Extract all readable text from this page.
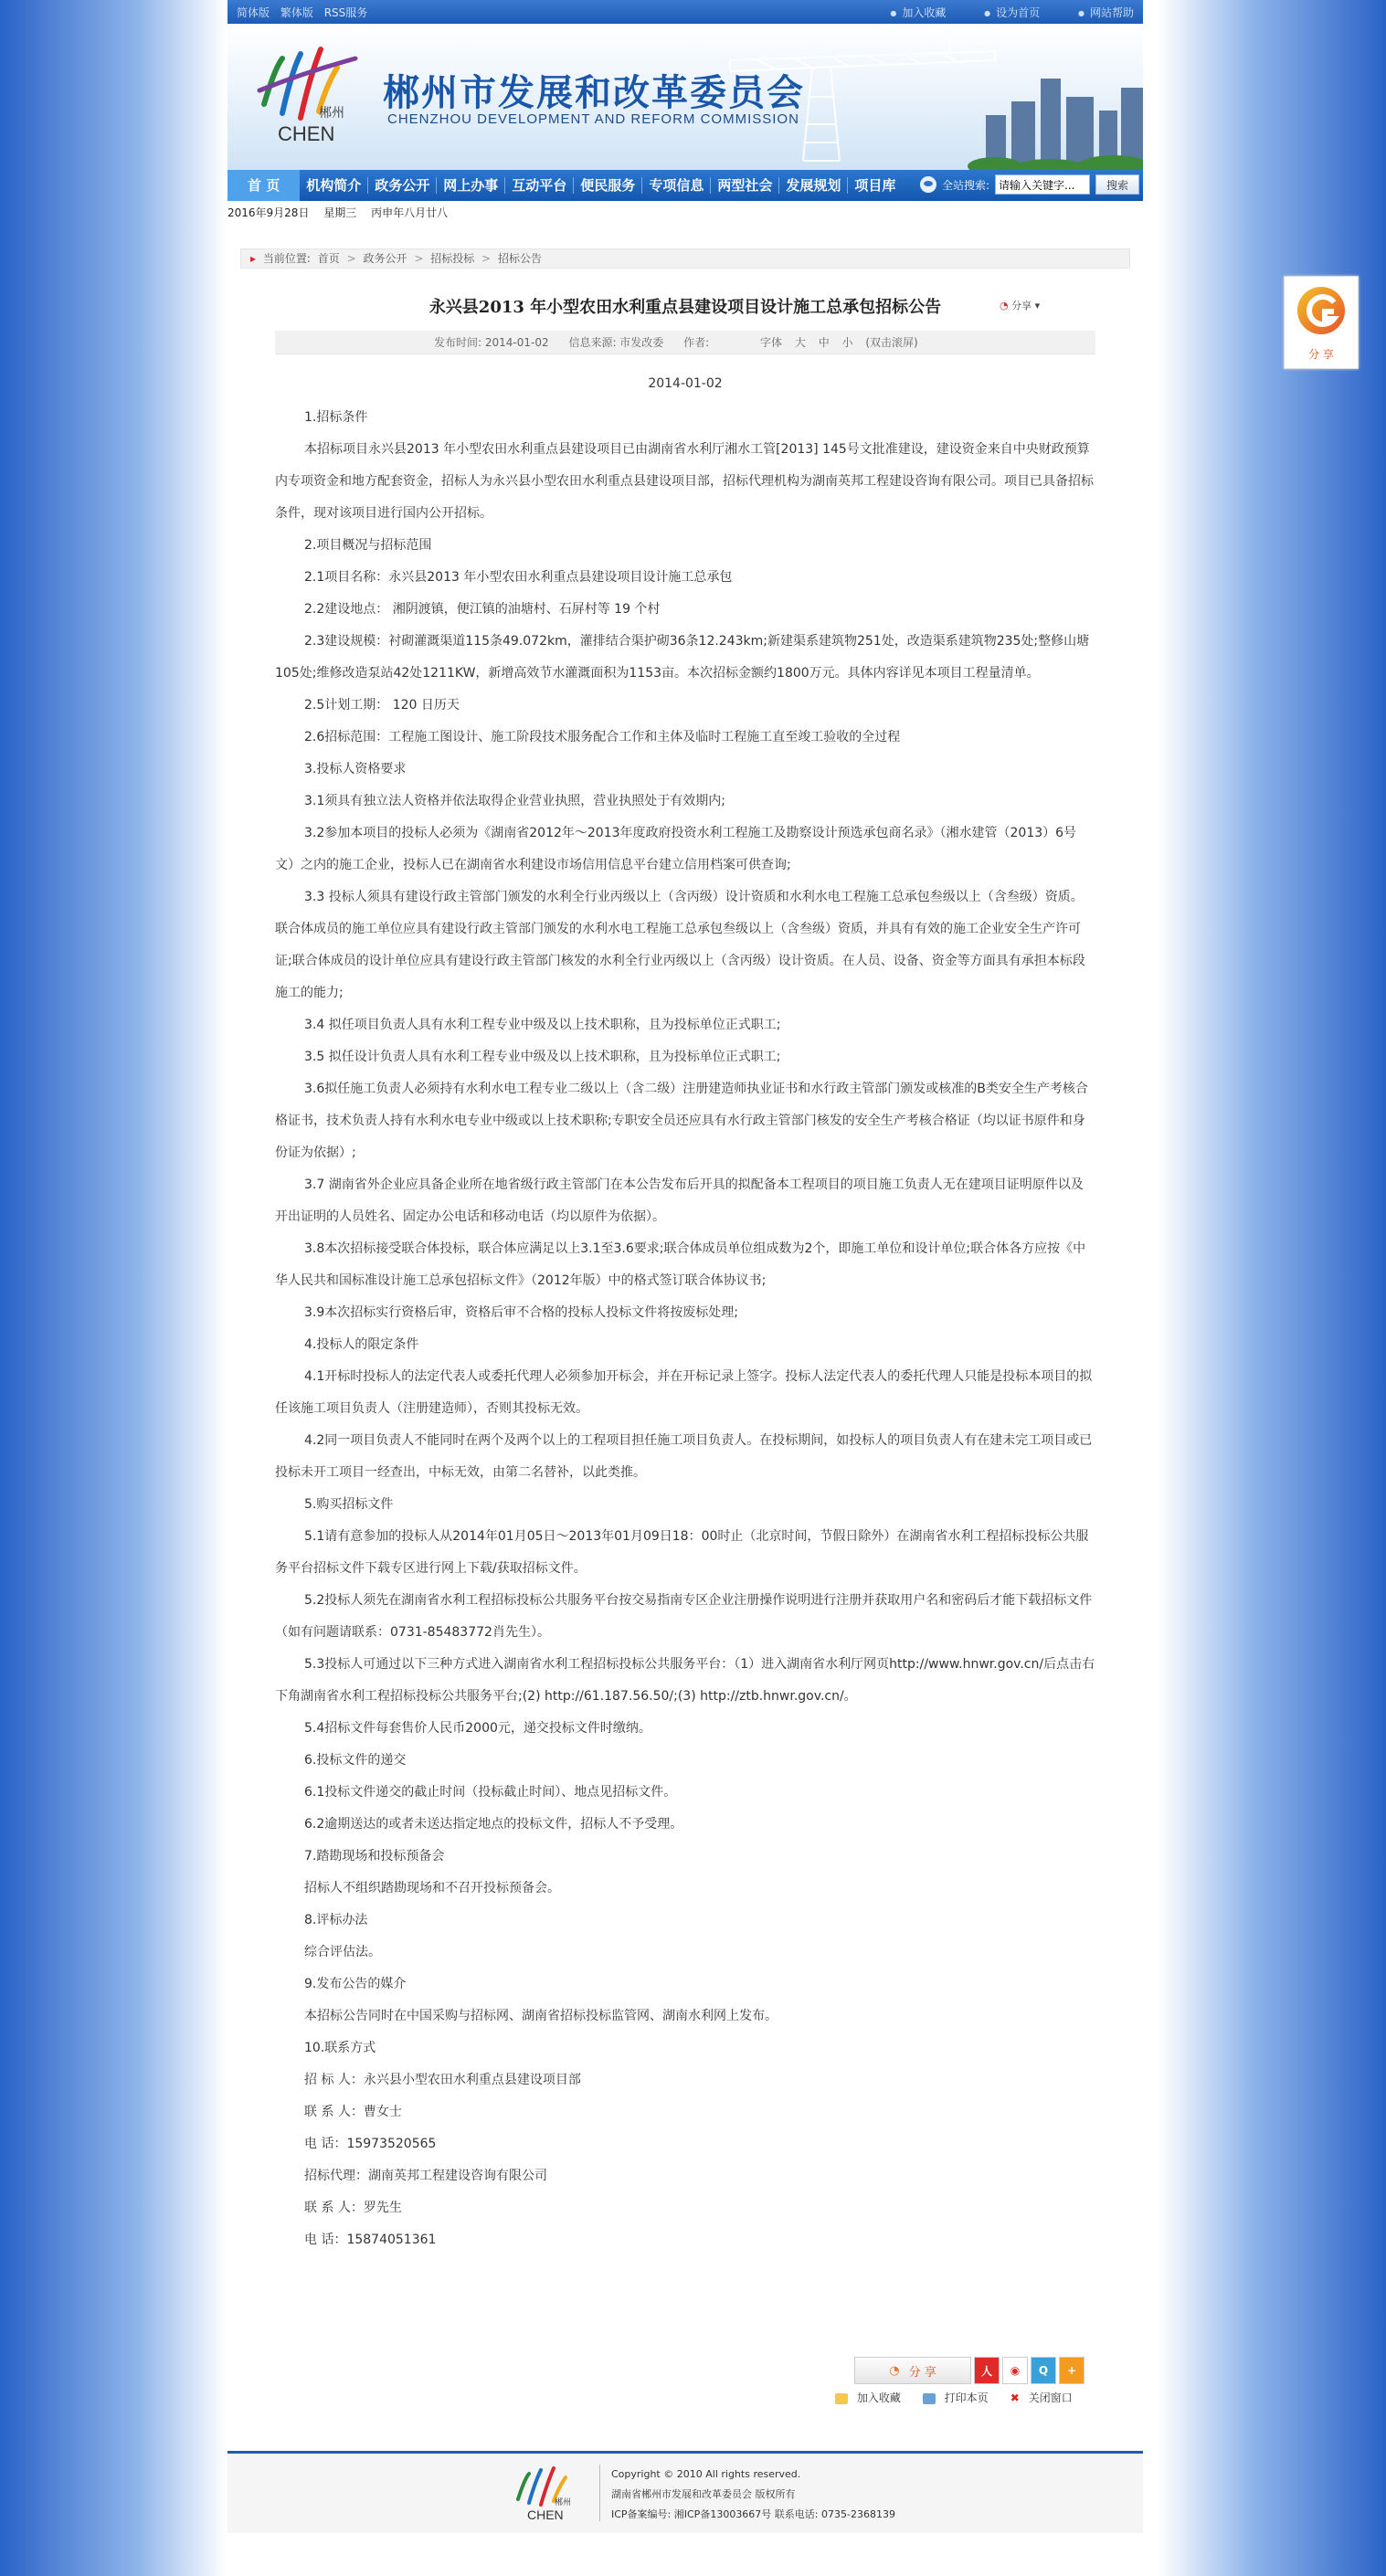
简体版 繁体版 RSS服务	● 加入收藏	● 设为首页	● 网站帮助
郴州
CHEN
郴州市发展和改革委员会
CHENZHOU DEVELOPMENT AND REFORM COMMISSION
首 页	机构简介	政务公开	网上办事	互动平台	便民服务	专项信息	两型社会	发展规划	项目库	全站搜索:
请输入关键字...	搜索
2016年9月28日 星期三 丙申年八月廿八
▸ 当前位置: 首页 > 政务公开 > 招标投标 > 招标公告
永兴县2013 年小型农田水利重点县建设项目设计施工总承包招标公告	◔ 分享 ▾
发布时间: 2014-01-02 信息来源: 市发改委 作者:	字体 大 中 小 (双击滚屏)
2014-01-02

1.招标条件

本招标项目永兴县2013 年小型农田水利重点县建设项目已由湖南省水利厅湘水工管[2013] 145号文批准建设，建设资金来自中央财政预算内专项资金和地方配套资金，招标人为永兴县小型农田水利重点县建设项目部，招标代理机构为湖南英邦工程建设咨询有限公司。项目已具备招标条件，现对该项目进行国内公开招标。

2.项目概况与招标范围

2.1项目名称：永兴县2013 年小型农田水利重点县建设项目设计施工总承包

2.2建设地点： 湘阴渡镇，便江镇的油塘村、石屏村等 19 个村

2.3建设规模：衬砌灌溉渠道115条49.072km，灌排结合渠护砌36条12.243km;新建渠系建筑物251处，改造渠系建筑物235处;整修山塘105处;维修改造泵站42处1211KW，新增高效节水灌溉面积为1153亩。本次招标金额约1800万元。具体内容详见本项目工程量清单。

2.5计划工期： 120 日历天

2.6招标范围：工程施工图设计、施工阶段技术服务配合工作和主体及临时工程施工直至竣工验收的全过程

3.投标人资格要求

3.1须具有独立法人资格并依法取得企业营业执照，营业执照处于有效期内;

3.2参加本项目的投标人必须为《湖南省2012年～2013年度政府投资水利工程施工及勘察设计预选承包商名录》（湘水建管（2013）6号文）之内的施工企业，投标人已在湖南省水利建设市场信用信息平台建立信用档案可供查询;

3.3 投标人须具有建设行政主管部门颁发的水利全行业丙级以上（含丙级）设计资质和水利水电工程施工总承包叁级以上（含叁级）资质。联合体成员的施工单位应具有建设行政主管部门颁发的水利水电工程施工总承包叁级以上（含叁级）资质，并具有有效的施工企业安全生产许可证;联合体成员的设计单位应具有建设行政主管部门核发的水利全行业丙级以上（含丙级）设计资质。在人员、设备、资金等方面具有承担本标段施工的能力;

3.4 拟任项目负责人具有水利工程专业中级及以上技术职称，且为投标单位正式职工;

3.5 拟任设计负责人具有水利工程专业中级及以上技术职称，且为投标单位正式职工;

3.6拟任施工负责人必须持有水利水电工程专业二级以上（含二级）注册建造师执业证书和水行政主管部门颁发或核准的B类安全生产考核合格证书，技术负责人持有水利水电专业中级或以上技术职称;专职安全员还应具有水行政主管部门核发的安全生产考核合格证（均以证书原件和身份证为依据）;

3.7 湖南省外企业应具备企业所在地省级行政主管部门在本公告发布后开具的拟配备本工程项目的项目施工负责人无在建项目证明原件以及开出证明的人员姓名、固定办公电话和移动电话（均以原件为依据）。

3.8本次招标接受联合体投标，联合体应满足以上3.1至3.6要求;联合体成员单位组成数为2个，即施工单位和设计单位;联合体各方应按《中华人民共和国标准设计施工总承包招标文件》（2012年版）中的格式签订联合体协议书;

3.9本次招标实行资格后审，资格后审不合格的投标人投标文件将按废标处理;

4.投标人的限定条件

4.1开标时投标人的法定代表人或委托代理人必须参加开标会，并在开标记录上签字。投标人法定代表人的委托代理人只能是投标本项目的拟任该施工项目负责人（注册建造师），否则其投标无效。

4.2同一项目负责人不能同时在两个及两个以上的工程项目担任施工项目负责人。在投标期间，如投标人的项目负责人有在建未完工项目或已投标未开工项目一经查出，中标无效，由第二名替补，以此类推。

5.购买招标文件

5.1请有意参加的投标人从2014年01月05日～2013年01月09日18：00时止（北京时间，节假日除外）在湖南省水利工程招标投标公共服务平台招标文件下载专区进行网上下载/获取招标文件。

5.2投标人须先在湖南省水利工程招标投标公共服务平台按交易指南专区企业注册操作说明进行注册并获取用户名和密码后才能下载招标文件（如有问题请联系：0731-85483772肖先生）。

5.3投标人可通过以下三种方式进入湖南省水利工程招标投标公共服务平台：（1）进入湖南省水利厅网页http://www.hnwr.gov.cn/后点击右下角湖南省水利工程招标投标公共服务平台;(2) http://61.187.56.50/;(3) http://ztb.hnwr.gov.cn/。

5.4招标文件每套售价人民币2000元，递交投标文件时缴纳。

6.投标文件的递交

6.1投标文件递交的截止时间（投标截止时间）、地点见招标文件。

6.2逾期送达的或者未送达指定地点的投标文件，招标人不予受理。

7.踏勘现场和投标预备会

招标人不组织踏勘现场和不召开投标预备会。

8.评标办法

综合评估法。

9.发布公告的媒介

本招标公告同时在中国采购与招标网、湖南省招标投标监管网、湖南水利网上发布。

10.联系方式

招 标 人：永兴县小型农田水利重点县建设项目部

联 系 人：曹女士

电 话：15973520565

招标代理：湖南英邦工程建设咨询有限公司

联 系 人：罗先生

电 话：15874051361

◔ 分 享	人	◉	Q	+
加入收藏	打印本页 ✖ 关闭窗口
郴州
CHEN
Copyright © 2010 All rights reserved.
湖南省郴州市发展和改革委员会 版权所有
ICP备案编号: 湘ICP备13003667号 联系电话: 0735-2368139
分 享
